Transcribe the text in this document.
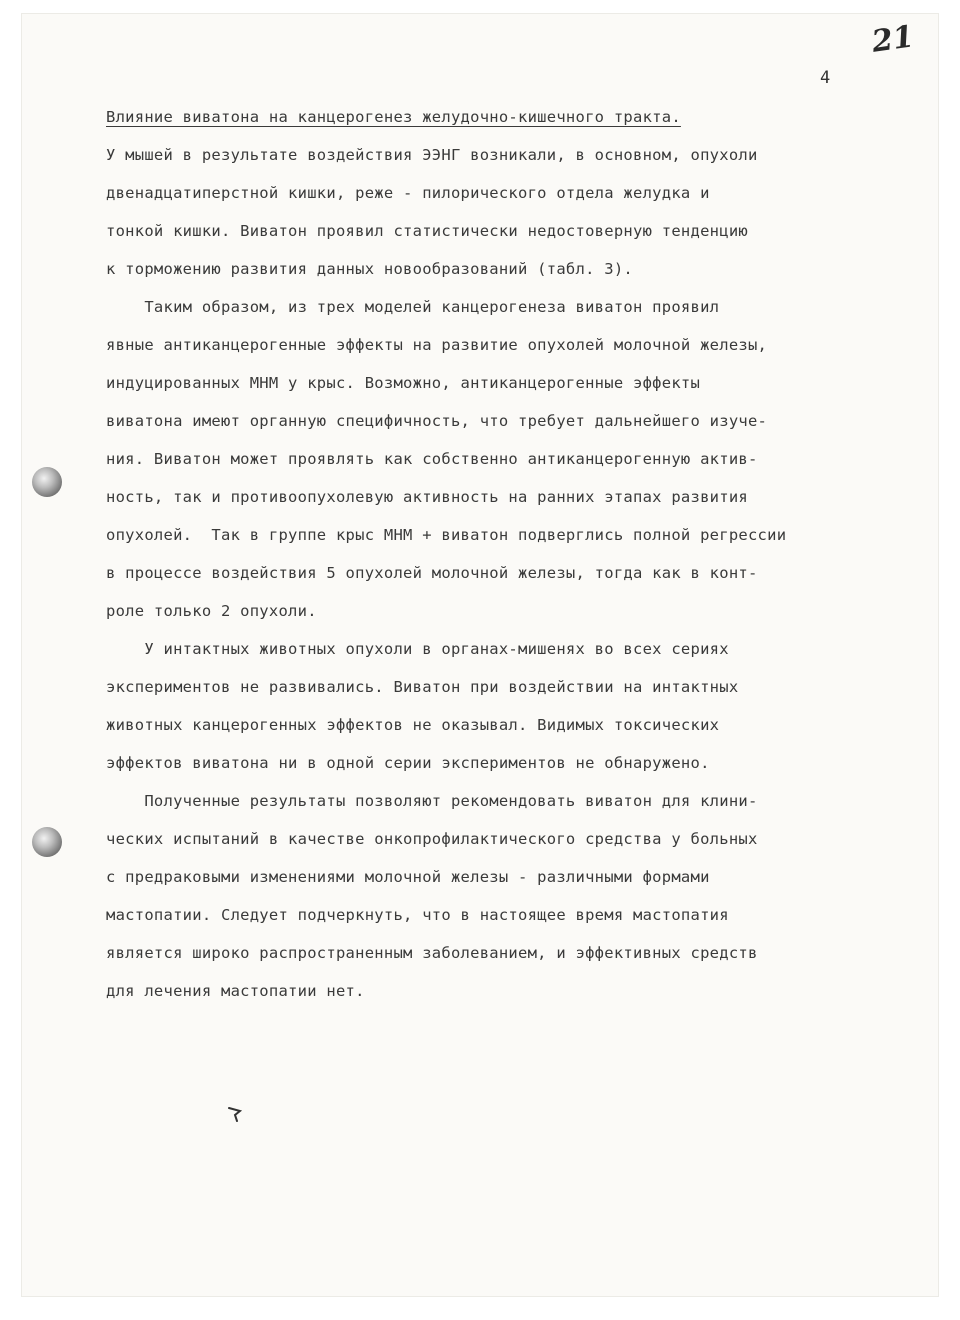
21
4
Влияние виватона на канцерогенез желудочно-кишечного тракта.
У мышей в результате воздействия ЭЭНГ возникали, в основном, опухоли
двенадцатиперстной кишки, реже - пилорического отдела желудка и
тонкой кишки. Виватон проявил статистически недостоверную тенденцию
к торможению развития данных новообразований (табл. 3).
Таким образом, из трех моделей канцерогенеза виватон проявил
явные антиканцерогенные эффекты на развитие опухолей молочной железы,
индуцированных МНМ у крыс. Возможно, антиканцерогенные эффекты
виватона имеют органную специфичность, что требует дальнейшего изуче-
ния. Виватон может проявлять как собственно антиканцерогенную актив-
ность, так и противоопухолевую активность на ранних этапах развития
опухолей.  Так в группе крыс МНМ + виватон подверглись полной регрессии
в процессе воздействия 5 опухолей молочной железы, тогда как в конт-
роле только 2 опухоли.
У интактных животных опухоли в органах-мишенях во всех сериях
экспериментов не развивались. Виватон при воздействии на интактных
животных канцерогенных эффектов не оказывал. Видимых токсических
эффектов виватона ни в одной серии экспериментов не обнаружено.
Полученные результаты позволяют рекомендовать виватон для клини-
ческих испытаний в качестве онкопрофилактического средства у больных
с предраковыми изменениями молочной железы - различными формами
мастопатии. Следует подчеркнуть, что в настоящее время мастопатия
является широко распространенным заболеванием, и эффективных средств
для лечения мастопатии нет.
